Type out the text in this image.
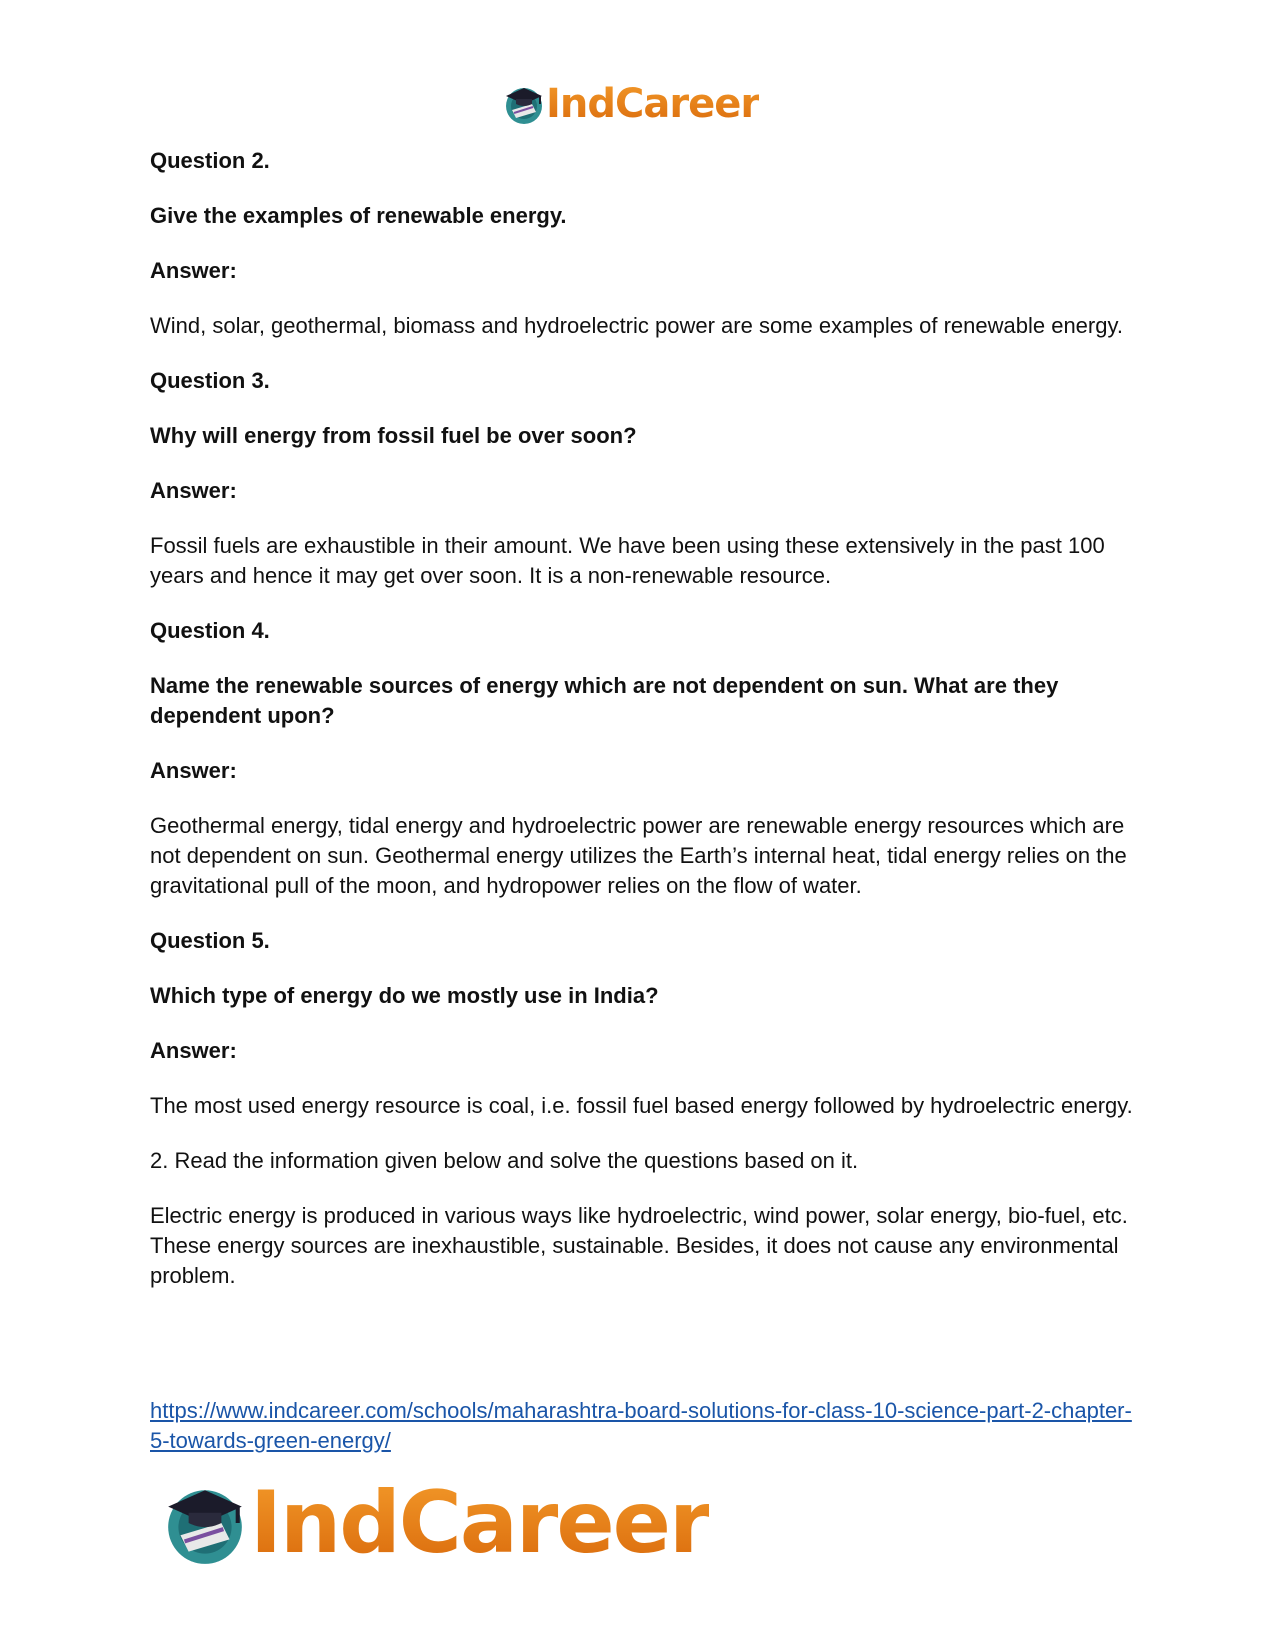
IndCareer

Question 2.

Give the examples of renewable energy.

Answer:

Wind, solar, geothermal, biomass and hydroelectric power are some examples of renewable energy.

Question 3.

Why will energy from fossil fuel be over soon?

Answer:

Fossil fuels are exhaustible in their amount. We have been using these extensively in the past 100 years and hence it may get over soon. It is a non-renewable resource.

Question 4.

Name the renewable sources of energy which are not dependent on sun. What are they dependent upon?

Answer:

Geothermal energy, tidal energy and hydroelectric power are renewable energy resources which are not dependent on sun. Geothermal energy utilizes the Earth’s internal heat, tidal energy relies on the gravitational pull of the moon, and hydropower relies on the flow of water.

Question 5.

Which type of energy do we mostly use in India?

Answer:

The most used energy resource is coal, i.e. fossil fuel based energy followed by hydroelectric energy.

2. Read the information given below and solve the questions based on it.

Electric energy is produced in various ways like hydroelectric, wind power, solar energy, bio-fuel, etc. These energy sources are inexhaustible, sustainable. Besides, it does not cause any environmental problem.

https://www.indcareer.com/schools/maharashtra-board-solutions-for-class-10-science-part-2-chapter-5-towards-green-energy/
IndCareer
